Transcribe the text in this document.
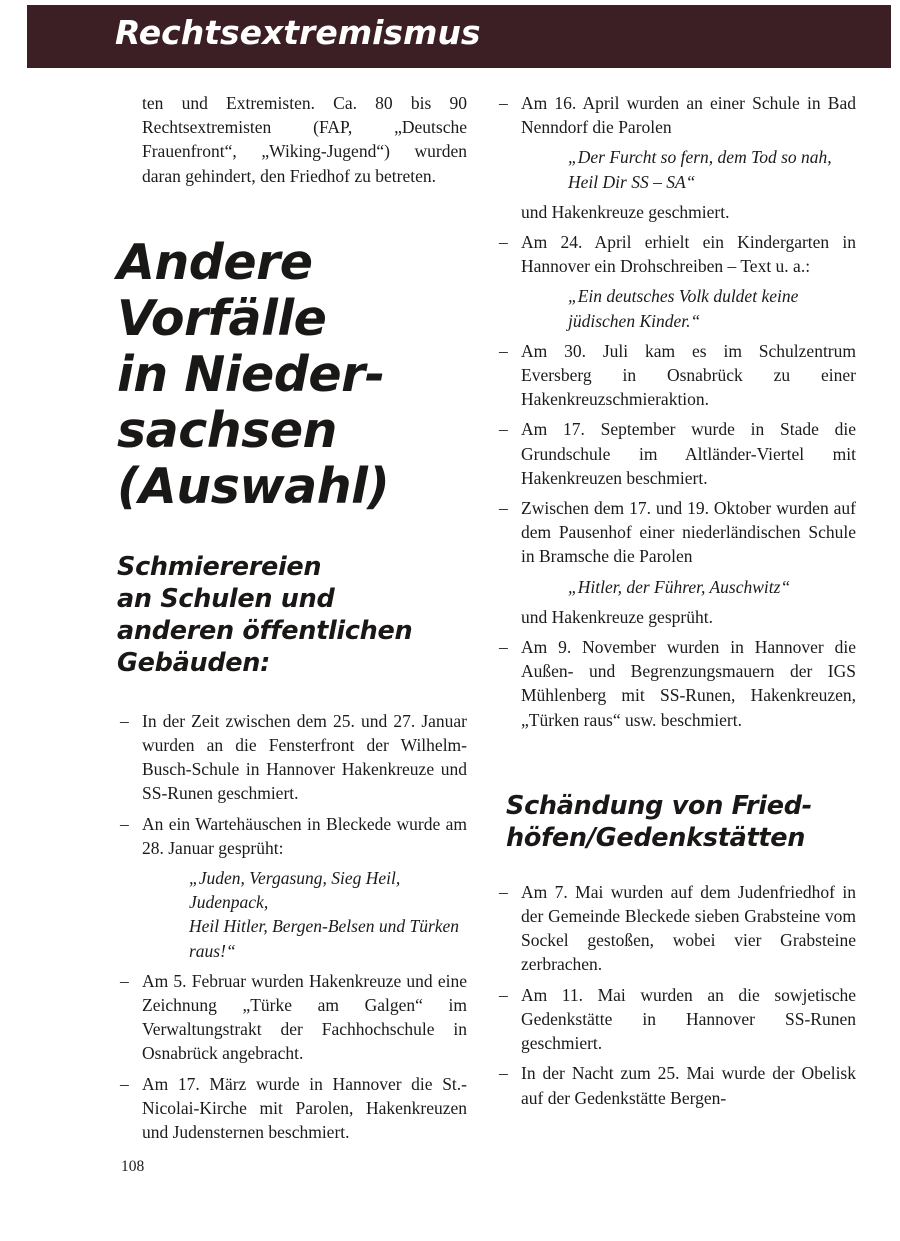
Rechtsextremismus

ten und Extremisten. Ca. 80 bis 90 Rechtsextremisten (FAP, „Deutsche Frauenfront“, „Wiking-Jugend“) wurden daran gehindert, den Friedhof zu betreten.

Andere
Vorfälle
in Nieder-
sachsen
(Auswahl)
Schmierereien
an Schulen und
anderen öffentlichen
Gebäuden:
– In der Zeit zwischen dem 25. und 27. Januar wurden an die Fensterfront der Wilhelm-Busch-Schule in Hannover Hakenkreuze und SS-Runen geschmiert.
– An ein Wartehäuschen in Bleckede wurde am 28. Januar gesprüht:
„Juden, Vergasung, Sieg Heil, Judenpack,
Heil Hitler, Bergen-Belsen und Türken raus!“
– Am 5. Februar wurden Hakenkreuze und eine Zeichnung „Türke am Galgen“ im Verwaltungstrakt der Fachhochschule in Osnabrück angebracht.
– Am 17. März wurde in Hannover die St.-Nicolai-Kirche mit Parolen, Hakenkreuzen und Judensternen beschmiert.
– Am 16. April wurden an einer Schule in Bad Nenndorf die Parolen
„Der Furcht so fern, dem Tod so nah,
Heil Dir SS – SA“
und Hakenkreuze geschmiert.
– Am 24. April erhielt ein Kindergarten in Hannover ein Drohschreiben – Text u. a.:
„Ein deutsches Volk duldet keine jüdischen Kinder.“
– Am 30. Juli kam es im Schulzentrum Eversberg in Osnabrück zu einer Hakenkreuzschmieraktion.
– Am 17. September wurde in Stade die Grundschule im Altländer-Viertel mit Hakenkreuzen beschmiert.
– Zwischen dem 17. und 19. Oktober wurden auf dem Pausenhof einer niederländischen Schule in Bramsche die Parolen
„Hitler, der Führer, Auschwitz“
und Hakenkreuze gesprüht.
– Am 9. November wurden in Hannover die Außen- und Begrenzungsmauern der IGS Mühlenberg mit SS-Runen, Hakenkreuzen, „Türken raus“ usw. beschmiert.
Schändung von Fried-
höfen/Gedenkstätten
– Am 7. Mai wurden auf dem Judenfriedhof in der Gemeinde Bleckede sieben Grabsteine vom Sockel gestoßen, wobei vier Grabsteine zerbrachen.
– Am 11. Mai wurden an die sowjetische Gedenkstätte in Hannover SS-Runen geschmiert.
– In der Nacht zum 25. Mai wurde der Obelisk auf der Gedenkstätte Bergen-
108
